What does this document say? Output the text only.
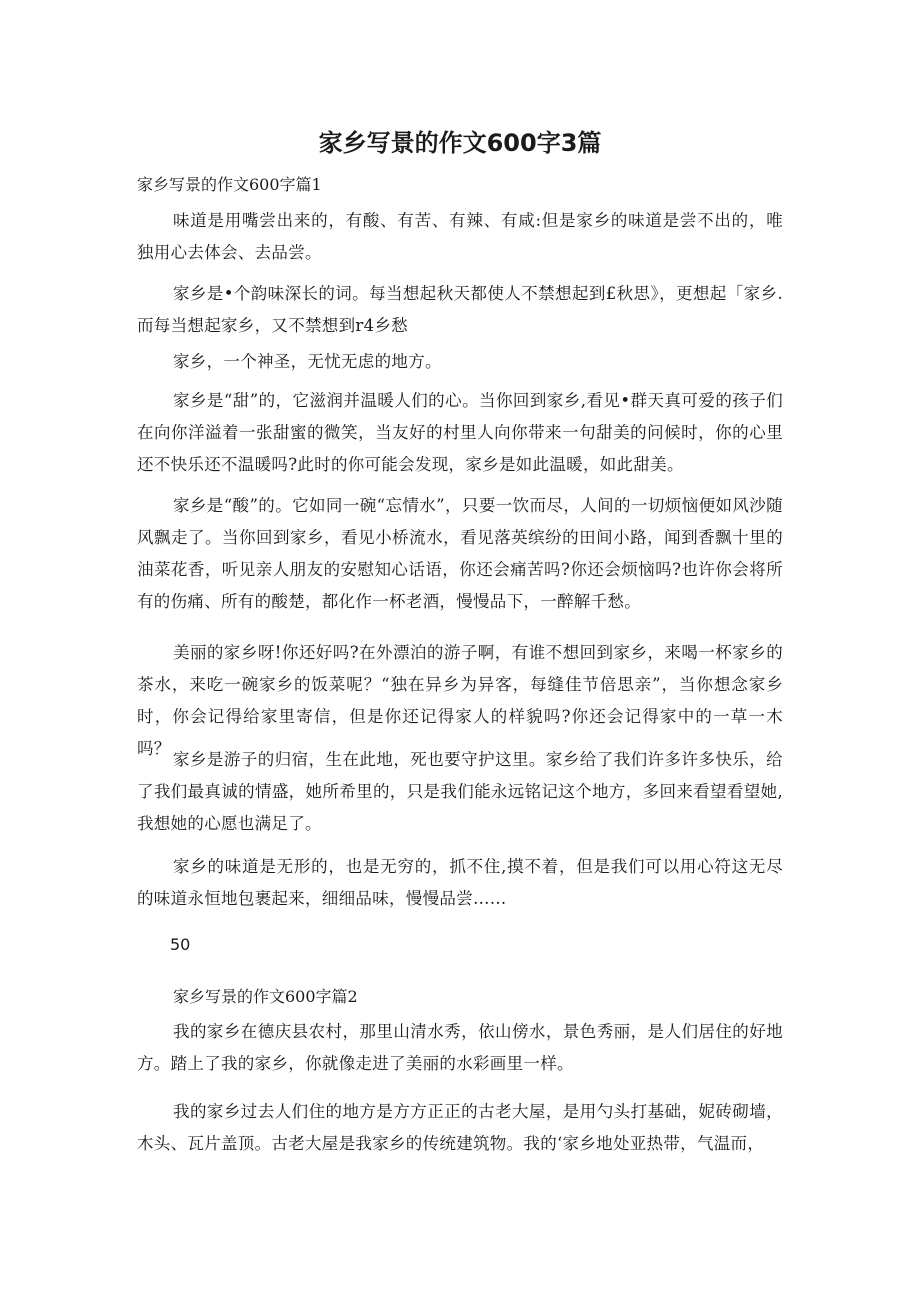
家乡写景的作文600字3篇

家乡写景的作文600字篇1

味道是用嘴尝出来的，有酸、有苦、有辣、有咸:但是家乡的味道是尝不出的，唯独用心去体会、去品尝。

家乡是•个韵味深长的词。每当想起秋天都使人不禁想起到£秋思》，更想起「家乡.而每当想起家乡，又不禁想到r4乡愁

家乡，一个神圣，无忧无虑的地方。

家乡是“甜”的，它滋润并温暖人们的心。当你回到家乡,看见•群天真可爱的孩子们在向你洋溢着一张甜蜜的微笑，当友好的村里人向你带来一句甜美的问候时，你的心里还不快乐还不温暖吗?此时的你可能会发现，家乡是如此温暖，如此甜美。

家乡是“酸”的。它如同一碗“忘情水”，只要一饮而尽，人间的一切烦恼便如风沙随风飘走了。当你回到家乡，看见小桥流水，看见落英缤纷的田间小路，闻到香飘十里的油菜花香，听见亲人朋友的安慰知心话语，你还会痛苦吗?你还会烦恼吗?也许你会将所有的伤痛、所有的酸楚，都化作一杯老酒，慢慢品下，一醉解千愁。

美丽的家乡呀!你还好吗?在外漂泊的游子啊，有谁不想回到家乡，来喝一杯家乡的茶水，来吃一碗家乡的饭菜呢？“独在异乡为异客，每缝佳节倍思亲”，当你想念家乡时，你会记得给家里寄信，但是你还记得家人的样貌吗?你还会记得家中的一草一木吗？

家乡是游子的归宿，生在此地，死也要守护这里。家乡给了我们许多许多快乐，给了我们最真诚的情盛，她所希里的，只是我们能永远铭记这个地方，多回来看望看望她,我想她的心愿也满足了。

家乡的味道是无形的，也是无穷的，抓不住,摸不着，但是我们可以用心符这无尽的味道永恒地包裹起来，细细品味，慢慢品尝……

50

家乡写景的作文600字篇2

我的家乡在德庆县农村，那里山清水秀，依山傍水，景色秀丽，是人们居住的好地方。踏上了我的家乡，你就像走进了美丽的水彩画里一样。

我的家乡过去人们住的地方是方方正正的古老大屋，是用勺头打基础，妮砖砌墙，木头、瓦片盖顶。古老大屋是我家乡的传统建筑物。我的‘家乡地处亚热带，气温而，
